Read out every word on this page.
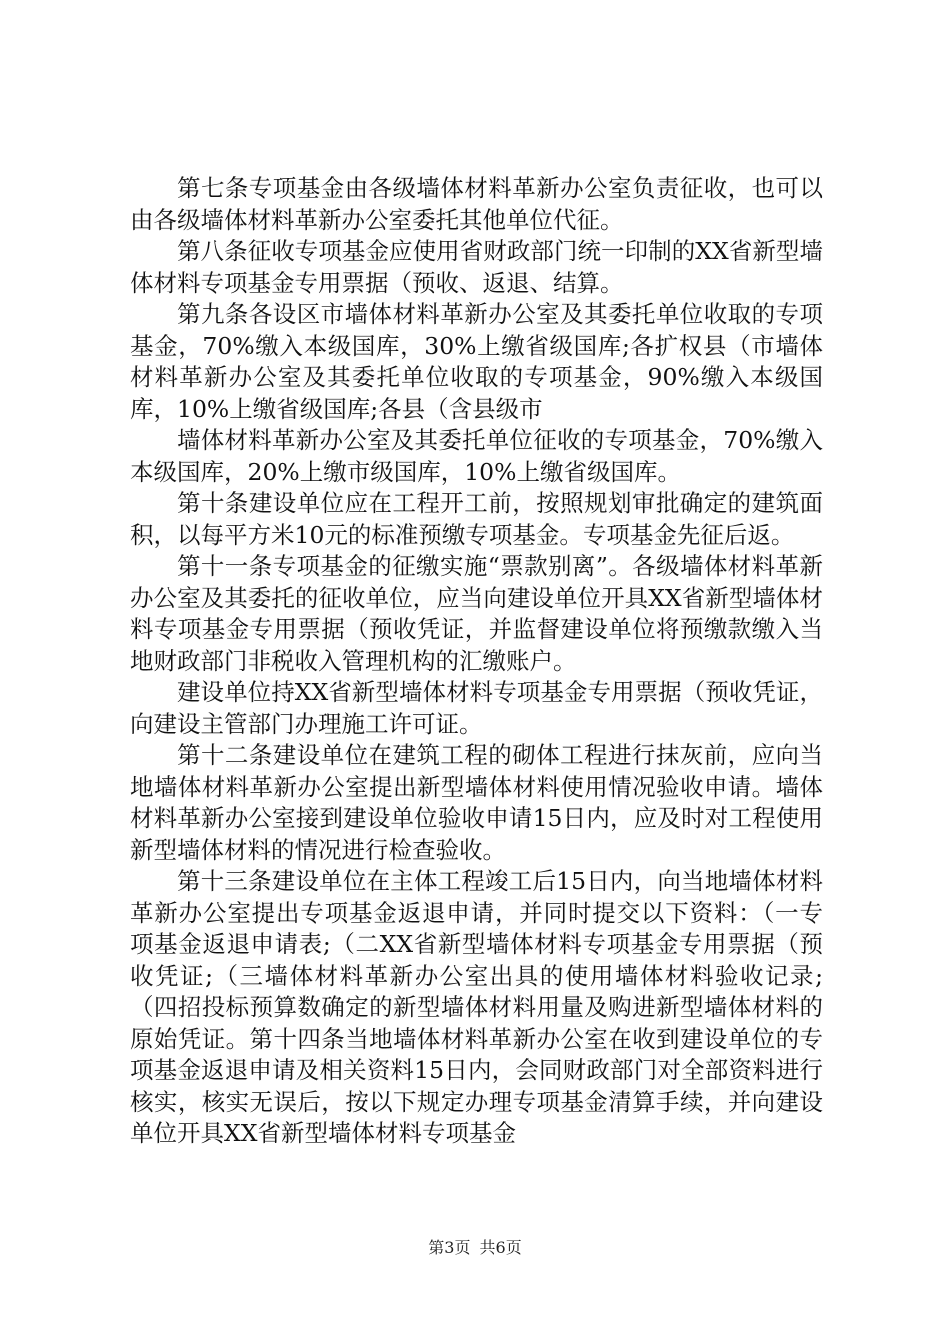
第七条专项基金由各级墙体材料革新办公室负责征收，也可以由各级墙体材料革新办公室委托其他单位代征。

第八条征收专项基金应使用省财政部门统一印制的XX省新型墙体材料专项基金专用票据（预收、返退、结算。

第九条各设区市墙体材料革新办公室及其委托单位收取的专项基金，70%缴入本级国库，30%上缴省级国库;各扩权县（市墙体材料革新办公室及其委托单位收取的专项基金，90%缴入本级国库，10%上缴省级国库;各县（含县级市

墙体材料革新办公室及其委托单位征收的专项基金，70%缴入本级国库，20%上缴市级国库，10%上缴省级国库。

第十条建设单位应在工程开工前，按照规划审批确定的建筑面积，以每平方米10元的标准预缴专项基金。专项基金先征后返。

第十一条专项基金的征缴实施“票款别离”。各级墙体材料革新办公室及其委托的征收单位，应当向建设单位开具XX省新型墙体材料专项基金专用票据（预收凭证，并监督建设单位将预缴款缴入当地财政部门非税收入管理机构的汇缴账户。

建设单位持XX省新型墙体材料专项基金专用票据（预收凭证，向建设主管部门办理施工许可证。

第十二条建设单位在建筑工程的砌体工程进行抹灰前，应向当地墙体材料革新办公室提出新型墙体材料使用情况验收申请。墙体材料革新办公室接到建设单位验收申请15日内，应及时对工程使用新型墙体材料的情况进行检查验收。

第十三条建设单位在主体工程竣工后15日内，向当地墙体材料革新办公室提出专项基金返退申请，并同时提交以下资料：（一专项基金返退申请表;（二XX省新型墙体材料专项基金专用票据（预收凭证;（三墙体材料革新办公室出具的使用墙体材料验收记录;（四招投标预算数确定的新型墙体材料用量及购进新型墙体材料的原始凭证。第十四条当地墙体材料革新办公室在收到建设单位的专项基金返退申请及相关资料15日内，会同财政部门对全部资料进行核实，核实无误后，按以下规定办理专项基金清算手续，并向建设单位开具XX省新型墙体材料专项基金

第3页 共6页
